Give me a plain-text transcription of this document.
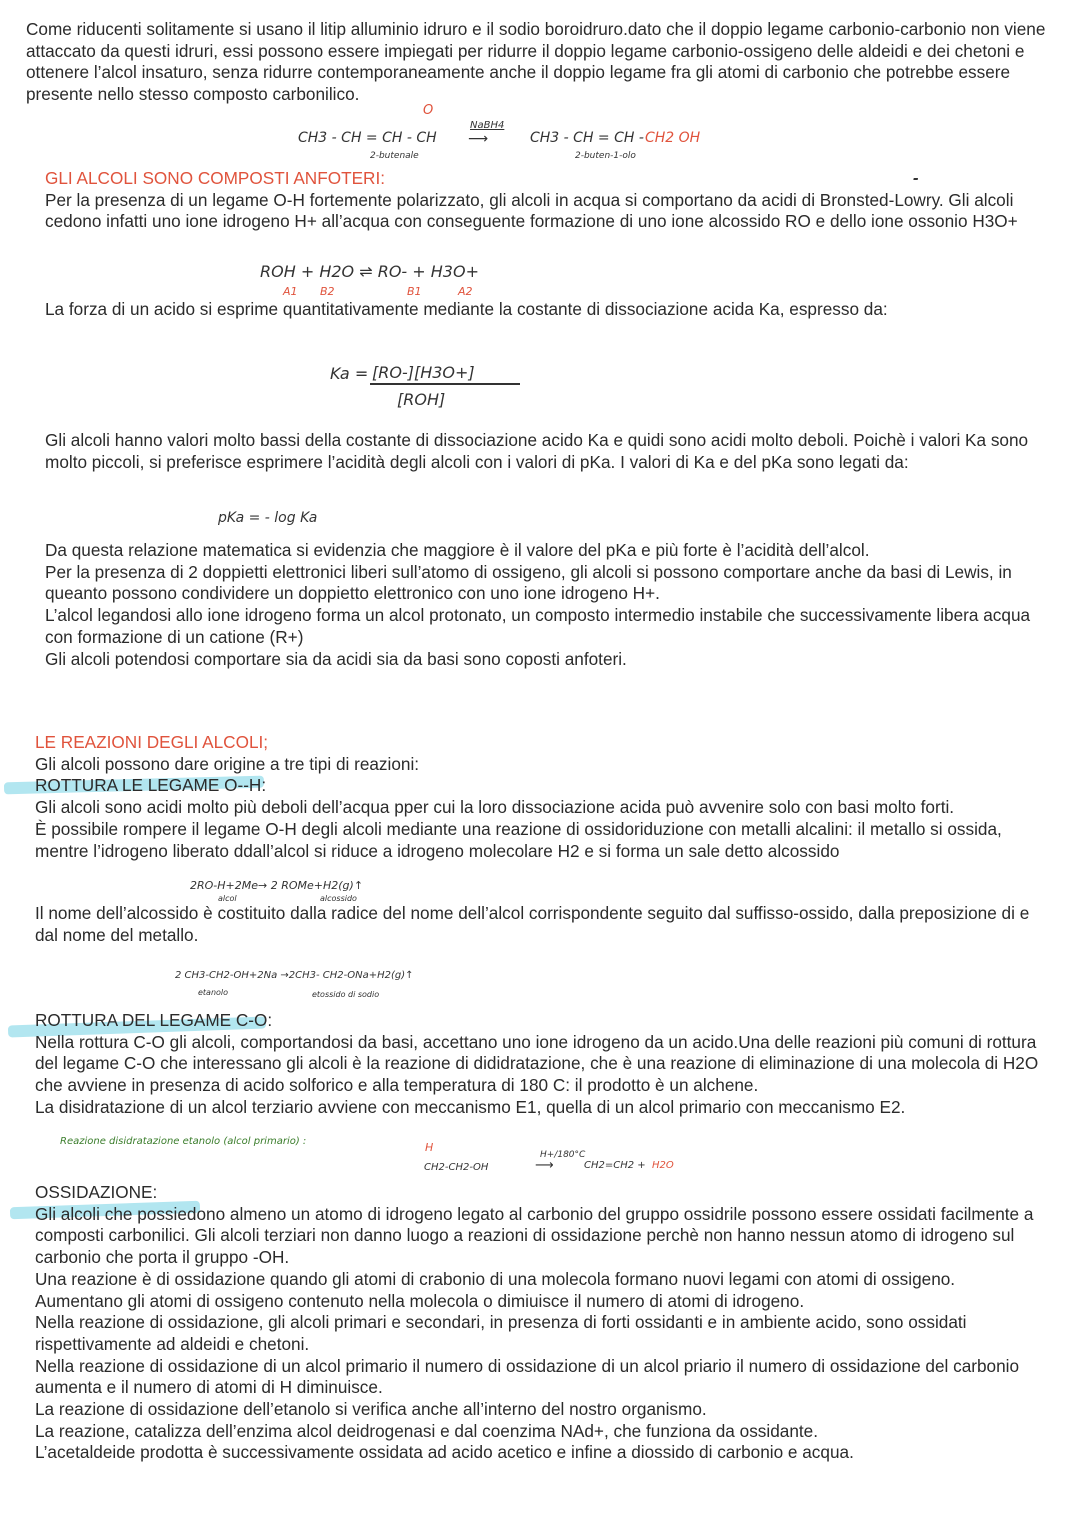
Come riducenti solitamente si usano il litip alluminio idruro e il sodio boroidruro.dato che il doppio legame carbonio-carbonio non viene attaccato da questi idruri, essi possono essere impiegati per ridurre il doppio legame carbonio-ossigeno delle aldeidi e dei chetoni e ottenere l’alcol insaturo, senza ridurre contemporaneamente anche il doppio legame fra gli atomi di carbonio che potrebbe essere presente nello stesso composto carbonilico.

O
CH3 - CH = CH - CH
NaBH4
⟶	CH3 - CH = CH - CH2 OH
2-butenale	2-buten-1-olo
GLI ALCOLI SONO COMPOSTI ANFOTERI:
Per la presenza di un legame O-H fortemente polarizzato, gli alcoli in acqua si comportano da acidi di Bronsted-Lowry. Gli alcoli cedono infatti uno ione idrogeno H+ all’acqua con conseguente formazione di uno ione alcossido RO e dello ione ossonio H3O+
‐
ROH + H2O ⇌ RO- + H3O+
A1 B2	B1	A2

La forza di un acido si esprime quantitativamente mediante la costante di dissociazione acida Ka, espresso da:

Ka = [RO-][H3O+]
[ROH]
Gli alcoli hanno valori molto bassi della costante di dissociazione acido Ka e quidi sono acidi molto deboli. Poichè i valori Ka sono molto piccoli, si preferisce esprimere l’acidità degli alcoli con i valori di pKa. I valori di Ka e del pKa sono legati da:
pKa = - log Ka
Da questa relazione matematica si evidenzia che maggiore è il valore del pKa e più forte è l’acidità dell’alcol.
Per la presenza di 2 doppietti elettronici liberi sull’atomo di ossigeno, gli alcoli si possono comportare anche da basi di Lewis, in queanto possono condividere un doppietto elettronico con uno ione idrogeno H+.
L’alcol legandosi allo ione idrogeno forma un alcol protonato, un composto intermedio instabile che successivamente libera acqua con formazione di un catione (R+)
Gli alcoli potendosi comportare sia da acidi sia da basi sono coposti anfoteri.
LE REAZIONI DEGLI ALCOLI;
Gli alcoli possono dare origine a tre tipi di reazioni:
ROTTURA LE LEGAME O--H:
Gli alcoli sono acidi molto più deboli dell’acqua pper cui la loro dissociazione acida può avvenire solo con basi molto forti.
È possibile rompere il legame O-H degli alcoli mediante una reazione di ossidoriduzione con metalli alcalini: il metallo si ossida, mentre l’idrogeno liberato ddall’alcol si riduce a idrogeno molecolare H2 e si forma un sale detto alcossido
2RO-H+2Me→ 2 ROMe+H2(g)↑
alcol	alcossido

Il nome dell’alcossido è costituito dalla radice del nome dell’alcol corrispondente seguito dal suffisso-ossido, dalla preposizione di e dal nome del metallo.

2 CH3-CH2-OH+2Na →2CH3- CH2-ONa+H2(g)↑
etanolo	etossido di sodio
ROTTURA DEL LEGAME C-O:
Nella rottura C-O gli alcoli, comportandosi da basi, accettano uno ione idrogeno da un acido.Una delle reazioni più comuni di rottura del legame C-O che interessano gli alcoli è la reazione di dididratazione, che è una reazione di eliminazione di una molecola di H2O che avviene in presenza di acido solforico e alla temperatura di 180 C: il prodotto è un alchene.
La disidratazione di un alcol terziario avviene con meccanismo E1, quella di un alcol primario con meccanismo E2.
Reazione disidratazione etanolo (alcol primario) :	H
CH2-CH2-OH
H+/180°C
⟶	CH2=CH2 + H2O
OSSIDAZIONE:
Gli alcoli che possiedono almeno un atomo di idrogeno legato al carbonio del gruppo ossidrile possono essere ossidati facilmente a composti carbonilici. Gli alcoli terziari non danno luogo a reazioni di ossidazione perchè non hanno nessun atomo di idrogeno sul carbonio che porta il gruppo -OH.
Una reazione è di ossidazione quando gli atomi di crabonio di una molecola formano nuovi legami con atomi di ossigeno.
Aumentano gli atomi di ossigeno contenuto nella molecola o dimiuisce il numero di atomi di idrogeno.
Nella reazione di ossidazione, gli alcoli primari e secondari, in presenza di forti ossidanti e in ambiente acido, sono ossidati rispettivamente ad aldeidi e chetoni.
Nella reazione di ossidazione di un alcol primario il numero di ossidazione di un alcol priario il numero di ossidazione del carbonio aumenta e il numero di atomi di H diminuisce.
La reazione di ossidazione dell’etanolo si verifica anche all’interno del nostro organismo.
La reazione, catalizza dell’enzima alcol deidrogenasi e dal coenzima NAd+, che funziona da ossidante.
L’acetaldeide prodotta è successivamente ossidata ad acido acetico e infine a diossido di carbonio e acqua.
